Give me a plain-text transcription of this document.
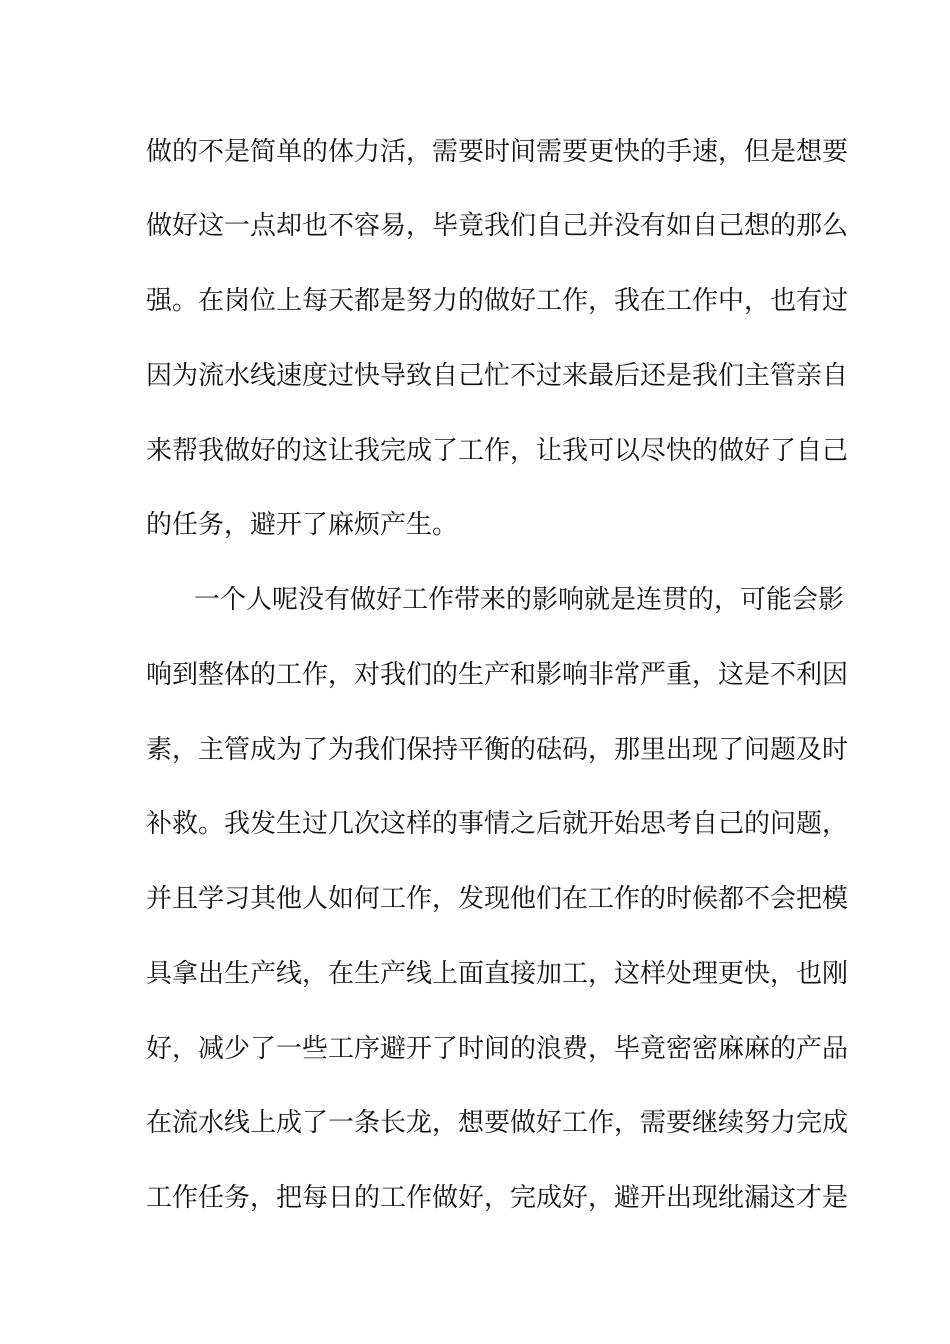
做的不是简单的体力活，需要时间需要更快的手速，但是想要
做好这一点却也不容易，毕竟我们自己并没有如自己想的那么
强。在岗位上每天都是努力的做好工作，我在工作中，也有过
因为流水线速度过快导致自己忙不过来最后还是我们主管亲自
来帮我做好的这让我完成了工作，让我可以尽快的做好了自己
的任务，避开了麻烦产生。
一个人呢没有做好工作带来的影响就是连贯的，可能会影
响到整体的工作，对我们的生产和影响非常严重，这是不利因
素，主管成为了为我们保持平衡的砝码，那里出现了问题及时
补救。我发生过几次这样的事情之后就开始思考自己的问题，
并且学习其他人如何工作，发现他们在工作的时候都不会把模
具拿出生产线，在生产线上面直接加工，这样处理更快，也刚
好，减少了一些工序避开了时间的浪费，毕竟密密麻麻的产品
在流水线上成了一条长龙，想要做好工作，需要继续努力完成
工作任务，把每日的工作做好，完成好，避开出现纰漏这才是
